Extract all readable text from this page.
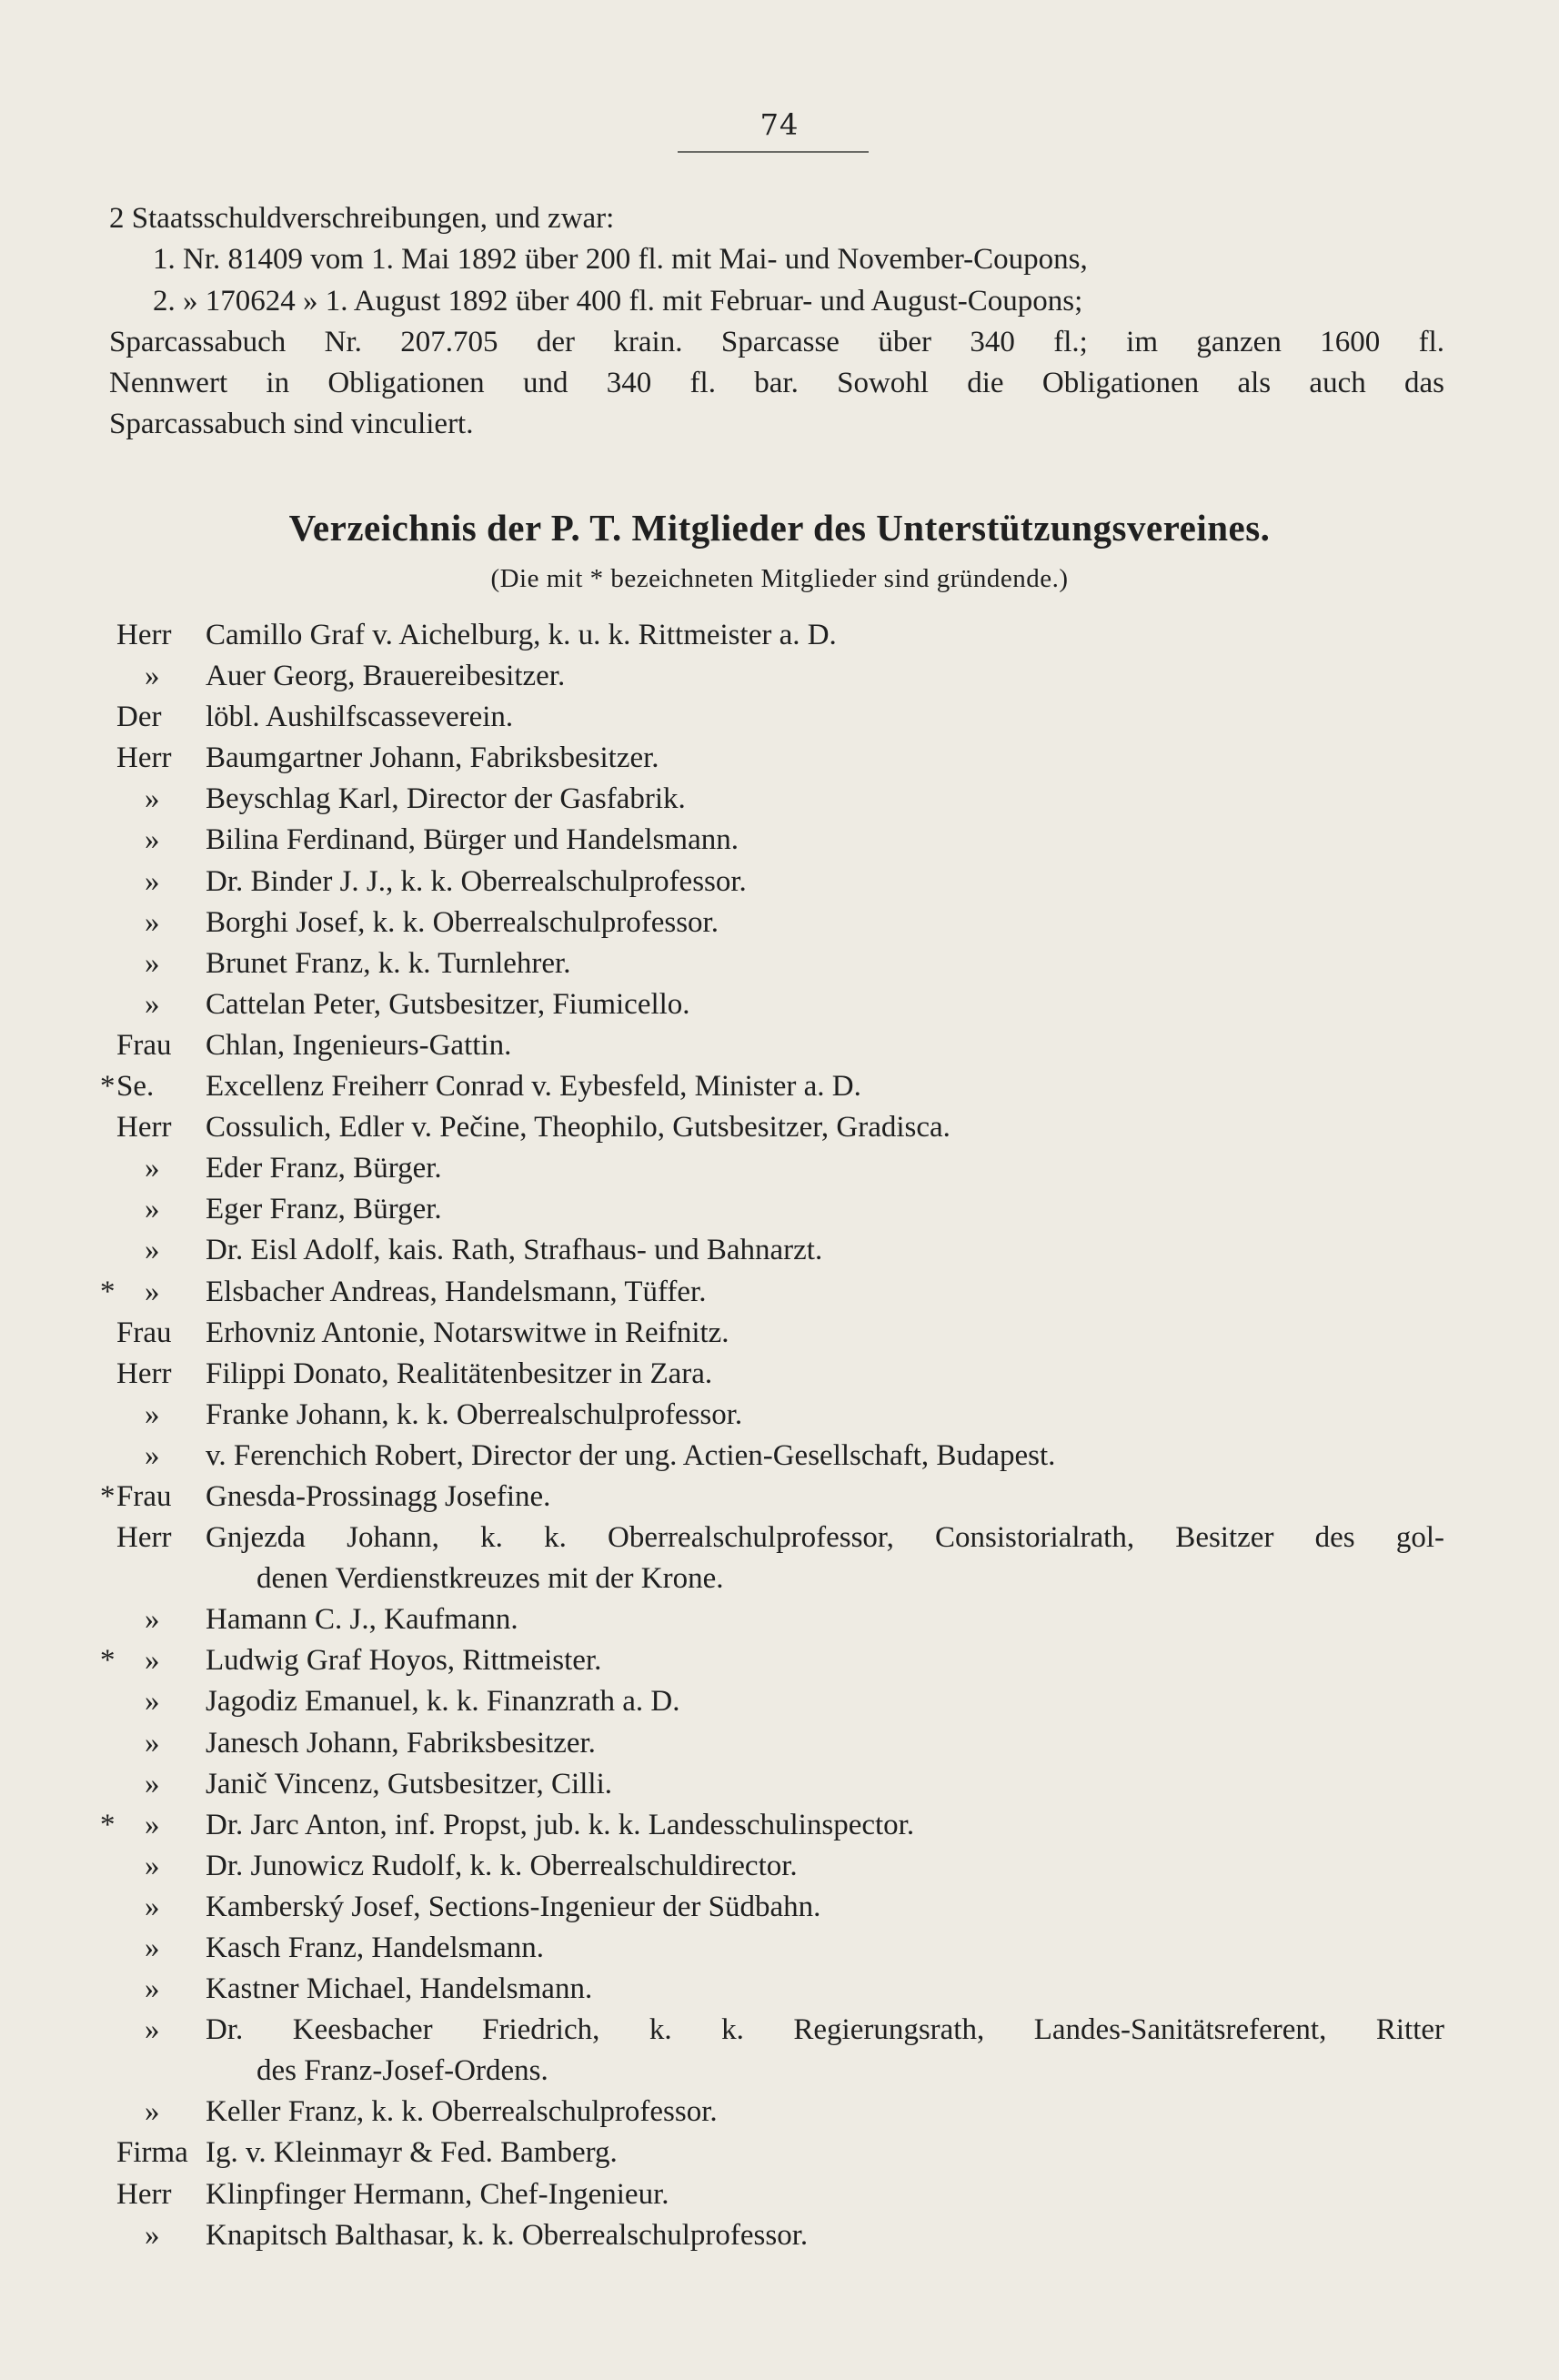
74

2 Staatsschuldverschreibungen, und zwar:

1. Nr. 81409 vom 1. Mai 1892 über 200 fl. mit Mai- und November-Coupons,

2. » 170624 » 1. August 1892 über 400 fl. mit Februar- und August-Coupons;

Sparcassabuch Nr. 207.705 der krain. Sparcasse über 340 fl.; im ganzen 1600 fl.

Nennwert in Obligationen und 340 fl. bar. Sowohl die Obligationen als auch das

Sparcassabuch sind vinculiert.

Verzeichnis der P. T. Mitglieder des Unterstützungsvereines.
(Die mit * bezeichneten Mitglieder sind gründende.)
Herr	Camillo Graf v. Aichelburg, k. u. k. Rittmeister a. D.
»	Auer Georg, Brauereibesitzer.
Der	löbl. Aushilfscasseverein.
Herr	Baumgartner Johann, Fabriksbesitzer.
»	Beyschlag Karl, Director der Gasfabrik.
»	Bilina Ferdinand, Bürger und Handelsmann.
»	Dr. Binder J. J., k. k. Oberrealschulprofessor.
»	Borghi Josef, k. k. Oberrealschulprofessor.
»	Brunet Franz, k. k. Turnlehrer.
»	Cattelan Peter, Gutsbesitzer, Fiumicello.
Frau	Chlan, Ingenieurs-Gattin.
* Se.	Excellenz Freiherr Conrad v. Eybesfeld, Minister a. D.
Herr	Cossulich, Edler v. Pečine, Theophilo, Gutsbesitzer, Gradisca.
»	Eder Franz, Bürger.
»	Eger Franz, Bürger.
»	Dr. Eisl Adolf, kais. Rath, Strafhaus- und Bahnarzt.
* »	Elsbacher Andreas, Handelsmann, Tüffer.
Frau	Erhovniz Antonie, Notarswitwe in Reifnitz.
Herr	Filippi Donato, Realitätenbesitzer in Zara.
»	Franke Johann, k. k. Oberrealschulprofessor.
»	v. Ferenchich Robert, Director der ung. Actien-Gesellschaft, Budapest.
* Frau	Gnesda-Prossinagg Josefine.
Herr	Gnjezda Johann, k. k. Oberrealschulprofessor, Consistorialrath, Besitzer des gol-
denen Verdienstkreuzes mit der Krone.
»	Hamann C. J., Kaufmann.
* »	Ludwig Graf Hoyos, Rittmeister.
»	Jagodiz Emanuel, k. k. Finanzrath a. D.
»	Janesch Johann, Fabriksbesitzer.
»	Janič Vincenz, Gutsbesitzer, Cilli.
* »	Dr. Jarc Anton, inf. Propst, jub. k. k. Landesschulinspector.
»	Dr. Junowicz Rudolf, k. k. Oberrealschuldirector.
»	Kamberský Josef, Sections-Ingenieur der Südbahn.
»	Kasch Franz, Handelsmann.
»	Kastner Michael, Handelsmann.
»	Dr. Keesbacher Friedrich, k. k. Regierungsrath, Landes-Sanitätsreferent, Ritter
des Franz-Josef-Ordens.
»	Keller Franz, k. k. Oberrealschulprofessor.
Firma Ig. v. Kleinmayr & Fed. Bamberg.
Herr	Klinpfinger Hermann, Chef-Ingenieur.
»	Knapitsch Balthasar, k. k. Oberrealschulprofessor.
